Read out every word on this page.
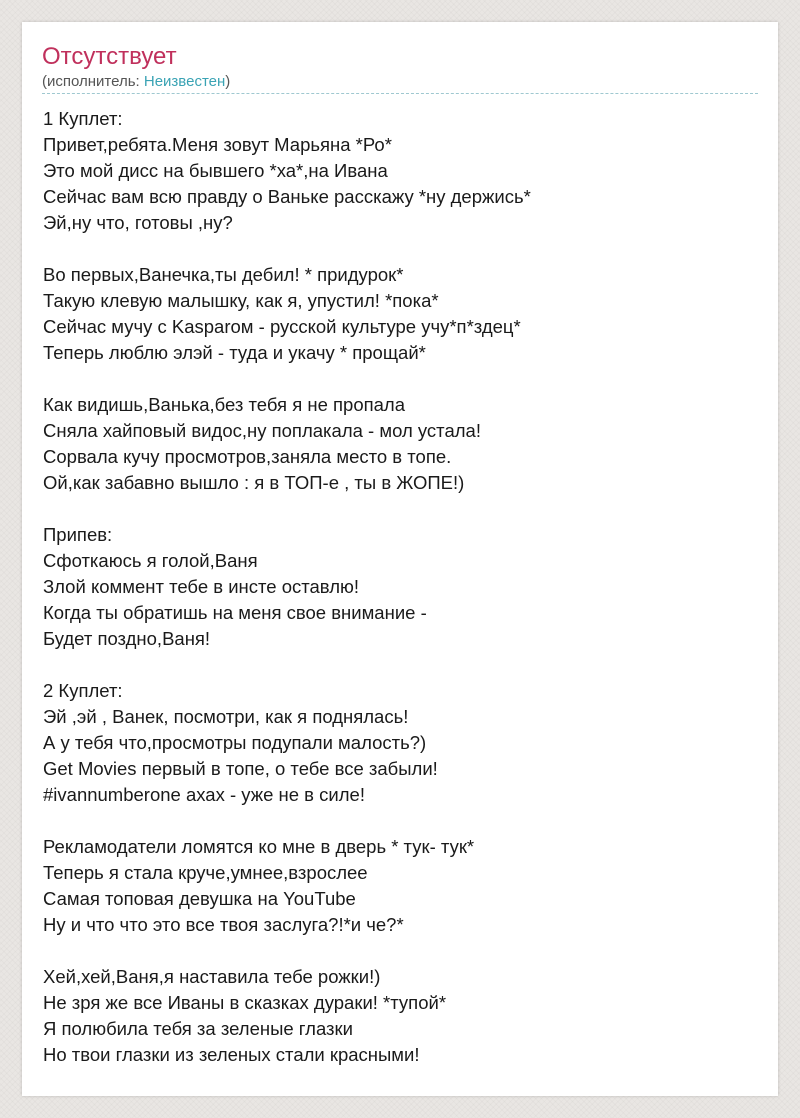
Отсутствует
(исполнитель: Неизвестен)
1 Куплет:
Привет,ребята.Меня зовут Марьяна *Ро*
Это мой дисс на бывшего *ха*,на Ивана
Сейчас вам всю правду о Ваньке расскажу *ну держись*
Эй,ну что, готовы ,ну?
Во первых,Ванечка,ты дебил! * придурок*
Такую клевую малышку, как я, упустил! *пока*
Сейчас мучу с Kasparом - русской культуре учу*п*здец*
Теперь люблю элэй - туда и укачу * прощай*
Как видишь,Ванька,без тебя я не пропала
Сняла хайповый видос,ну поплакала - мол устала!
Сорвала кучу просмотров,заняла место в топе.
Ой,как забавно вышло : я в ТОП-е , ты в ЖОПЕ!)
Припев:
Сфоткаюсь я голой,Ваня
Злой коммент тебе в инсте оставлю!
Когда ты обратишь на меня свое внимание -
Будет поздно,Ваня!
2 Куплет:
Эй ,эй , Ванек, посмотри, как я поднялась!
А у тебя что,просмотры подупали малость?)
Get Movies первый в топе, о тебе все забыли!
#ivannumberone ахах - уже не в силе!
Рекламодатели ломятся ко мне в дверь * тук- тук*
Теперь я стала круче,умнее,взрослее
Самая топовая девушка на YouTube
Ну и что что это все твоя заслуга?!*и че?*
Хей,хей,Ваня,я наставила тебе рожки!)
Не зря же все Иваны в сказках дураки! *тупой*
Я полюбила тебя за зеленые глазки
Но твои глазки из зеленых стали красными!
